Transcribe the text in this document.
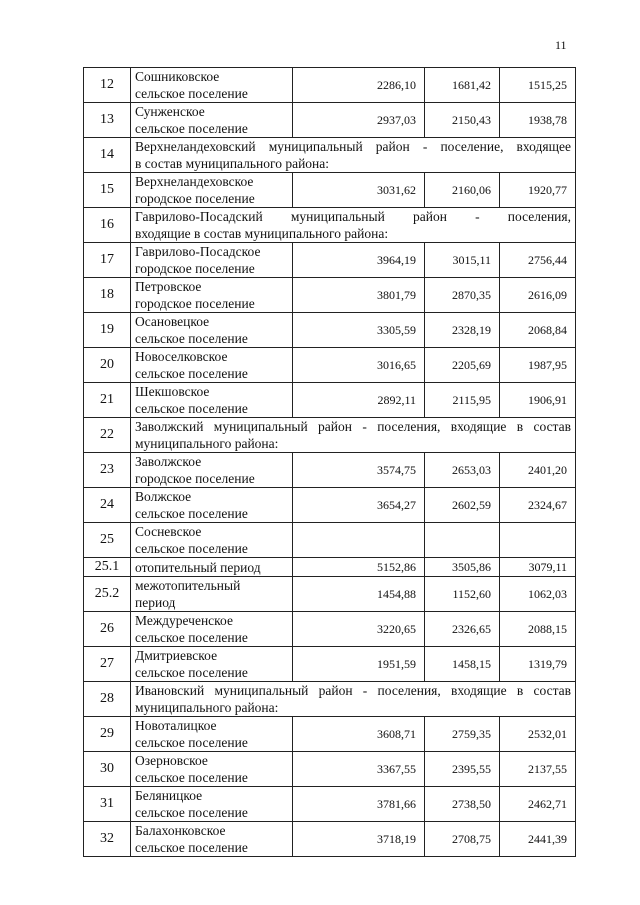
11
12	Сошниковское
сельское поселение	2286,10	1681,42	1515,25
13	Сунженское
сельское поселение	2937,03	2150,43	1938,78
14	Верхнеландеховский муниципальный район - поселение, входящее
в состав муниципального района:			

15	Верхнеландеховское
городское поселение	3031,62	2160,06	1920,77
16	Гаврилово-Посадский муниципальный район - поселения,
входящие в состав муниципального района:			

17	Гаврилово-Посадское
городское поселение	3964,19	3015,11	2756,44
18	Петровское
городское поселение	3801,79	2870,35	2616,09
19	Осановецкое
сельское поселение	3305,59	2328,19	2068,84
20	Новоселковское
сельское поселение	3016,65	2205,69	1987,95
21	Шекшовское
сельское поселение	2892,11	2115,95	1906,91
22	Заволжский муниципальный район - поселения, входящие в состав
муниципального района:			

23	Заволжское
городское поселение	3574,75	2653,03	2401,20
24	Волжское
сельское поселение	3654,27	2602,59	2324,67
25	Сосневское
сельское поселение			

25.1	отопительный период	5152,86	3505,86	3079,11
25.2	межотопительный
период	1454,88	1152,60	1062,03
26	Междуреченское
сельское поселение	3220,65	2326,65	2088,15
27	Дмитриевское
сельское поселение	1951,59	1458,15	1319,79
28	Ивановский муниципальный район - поселения, входящие в состав
муниципального района:			

29	Новоталицкое
сельское поселение	3608,71	2759,35	2532,01
30	Озерновское
сельское поселение	3367,55	2395,55	2137,55
31	Беляницкое
сельское поселение	3781,66	2738,50	2462,71
32	Балахонковское
сельское поселение	3718,19	2708,75	2441,39
